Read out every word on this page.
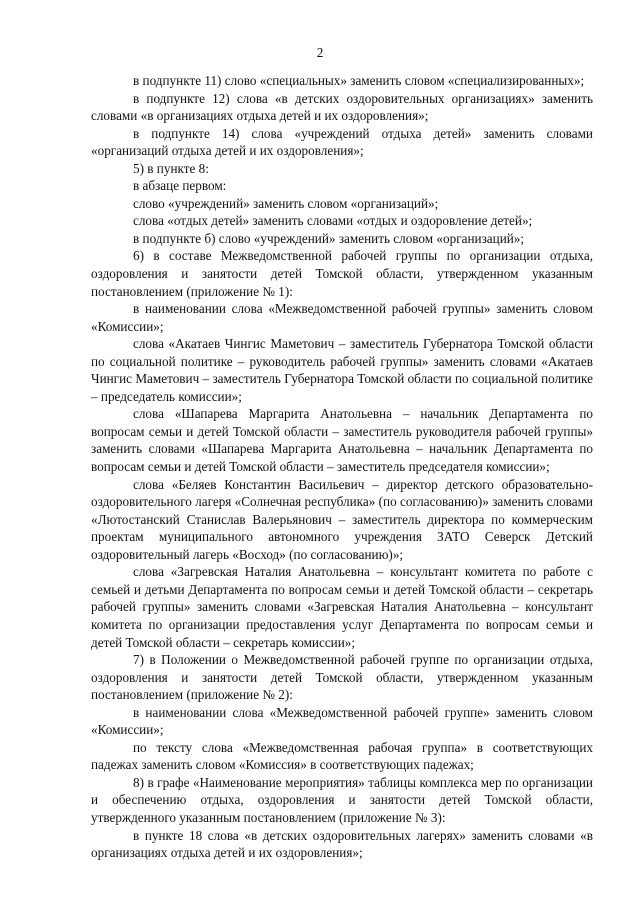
2

в подпункте 11) слово «специальных» заменить словом «специализированных»;

в подпункте 12) слова «в детских оздоровительных организациях» заменить словами «в организациях отдыха детей и их оздоровления»;

в подпункте 14) слова «учреждений отдыха детей» заменить словами «организаций отдыха детей и их оздоровления»;

5) в пункте 8:

в абзаце первом:

слово «учреждений» заменить словом «организаций»;

слова «отдых детей» заменить словами «отдых и оздоровление детей»;

в подпункте б) слово «учреждений» заменить словом «организаций»;

6) в составе Межведомственной рабочей группы по организации отдыха, оздоровления и занятости детей Томской области, утвержденном указанным постановлением (приложение № 1):

в наименовании слова «Межведомственной рабочей группы» заменить словом «Комиссии»;

слова «Акатаев Чингис Маметович – заместитель Губернатора Томской области по социальной политике – руководитель рабочей группы» заменить словами «Акатаев Чингис Маметович – заместитель Губернатора Томской области по социальной политике – председатель комиссии»;

слова «Шапарева Маргарита Анатольевна – начальник Департамента по вопросам семьи и детей Томской области – заместитель руководителя рабочей группы» заменить словами «Шапарева Маргарита Анатольевна – начальник Департамента по вопросам семьи и детей Томской области – заместитель председателя комиссии»;

слова «Беляев Константин Васильевич – директор детского образовательно-оздоровительного лагеря «Солнечная республика» (по согласованию)» заменить словами «Лютостанский Станислав Валерьянович – заместитель директора по коммерческим проектам муниципального автономного учреждения ЗАТО Северск Детский оздоровительный лагерь «Восход» (по согласованию)»;

слова «Загревская Наталия Анатольевна – консультант комитета по работе с семьей и детьми Департамента по вопросам семьи и детей Томской области – секретарь рабочей группы» заменить словами «Загревская Наталия Анатольевна – консультант комитета по организации предоставления услуг Департамента по вопросам семьи и детей Томской области – секретарь комиссии»;

7) в Положении о Межведомственной рабочей группе по организации отдыха, оздоровления и занятости детей Томской области, утвержденном указанным постановлением (приложение № 2):

в наименовании слова «Межведомственной рабочей группе» заменить словом «Комиссии»;

по тексту слова «Межведомственная рабочая группа» в соответствующих падежах заменить словом «Комиссия» в соответствующих падежах;

8) в графе «Наименование мероприятия» таблицы комплекса мер по организации и обеспечению отдыха, оздоровления и занятости детей Томской области, утвержденного указанным постановлением (приложение № 3):

в пункте 18 слова «в детских оздоровительных лагерях» заменить словами «в организациях отдыха детей и их оздоровления»;
